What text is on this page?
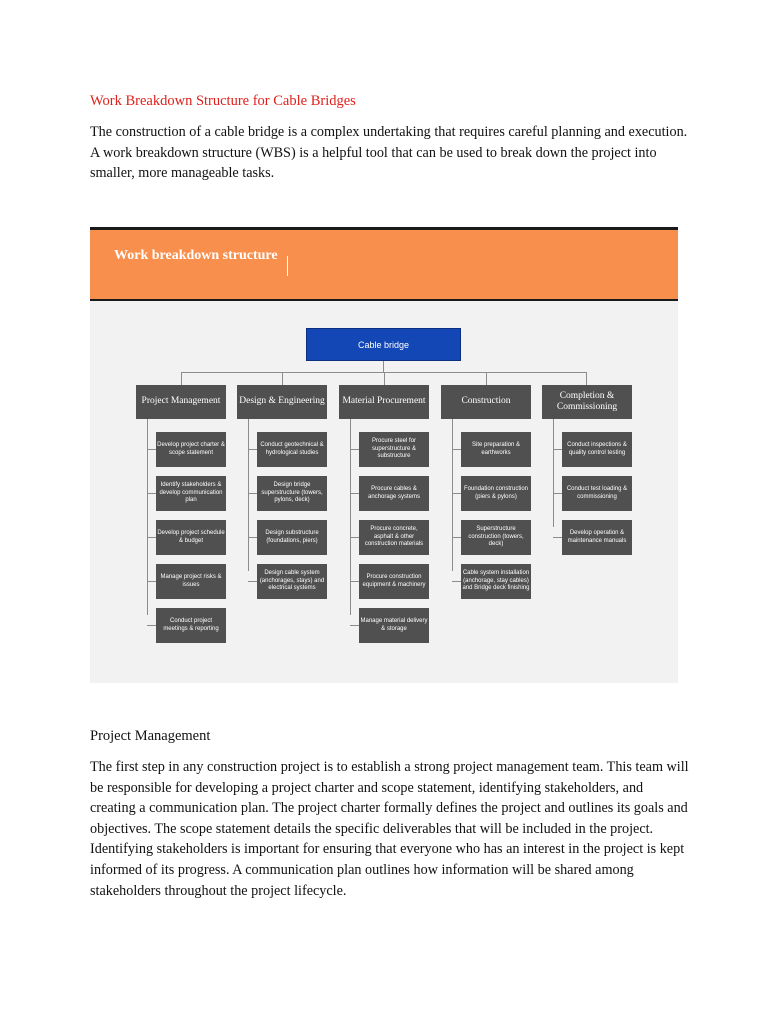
Work Breakdown Structure for Cable Bridges

The construction of a cable bridge is a complex undertaking that requires careful planning and execution. A work breakdown structure (WBS) is a helpful tool that can be used to break down the project into smaller, more manageable tasks.

Work breakdown structure
Cable bridge
Project Management	Design & Engineering	Material Procurement	Construction
Completion & Commissioning
Develop project charter & scope statement
Identify stakeholders & develop communication plan
Develop project schedule & budget
Manage project risks & issues
Conduct project meetings & reporting
Conduct geotechnical & hydrological studies
Design bridge superstructure (towers, pylons, deck)
Design substructure (foundations, piers)
Design cable system (anchorages, stays) and electrical systems
Procure steel for superstructure & substructure
Procure cables & anchorage systems
Procure concrete, asphalt & other construction materials
Procure construction equipment & machinery
Manage material delivery & storage
Site preparation & earthworks
Foundation construction (piers & pylons)
Superstructure construction (towers, deck)
Cable system installation (anchorage, stay cables) and Bridge deck finishing
Conduct inspections & quality control testing
Conduct test loading & commissioning
Develop operation & maintenance manuals
Project Management

The first step in any construction project is to establish a strong project management team. This team will be responsible for developing a project charter and scope statement, identifying stakeholders, and creating a communication plan. The project charter formally defines the project and outlines its goals and objectives. The scope statement details the specific deliverables that will be included in the project. Identifying stakeholders is important for ensuring that everyone who has an interest in the project is kept informed of its progress. A communication plan outlines how information will be shared among stakeholders throughout the project lifecycle.
